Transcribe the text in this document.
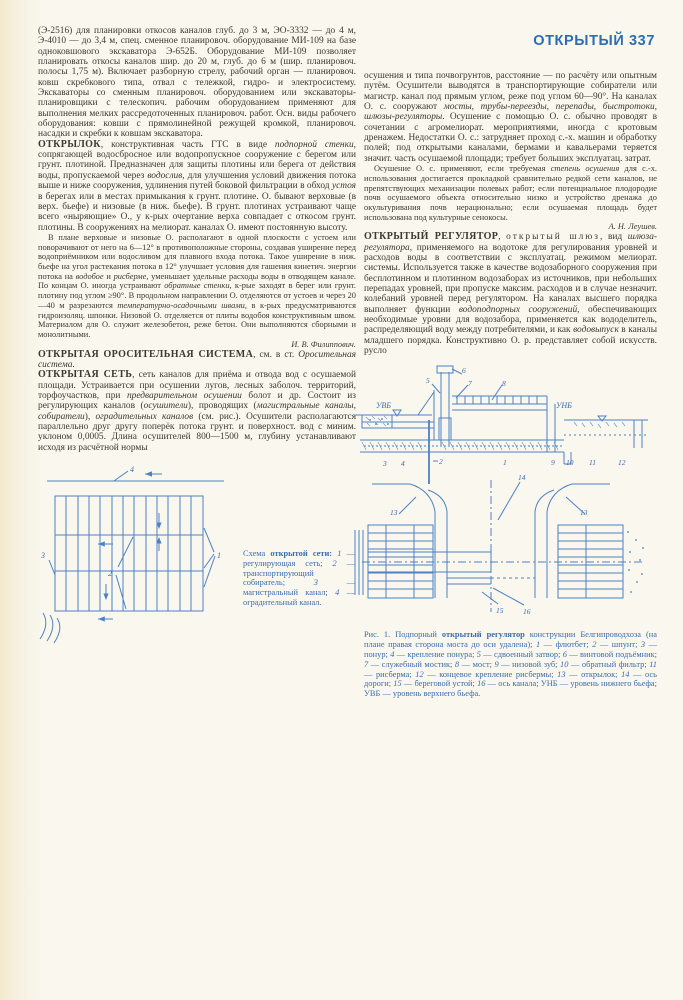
ОТКРЫТЫЙ 337

(Э-2516) для планировки откосов каналов глуб. до 3 м, ЭО-3332 — до 4 м, Э-4010 — до 3,4 м, спец. сменное планировоч. оборудование МИ-109 на базе одноковшового экскаватора Э-652Б. Оборудование МИ-109 позволяет планировать откосы каналов шир. до 20 м, глуб. до 6 м (шир. планировоч. полосы 1,75 м). Включает разборную стрелу, рабочий орган — планировоч. ковш скребкового типа, отвал с тележкой, гидро- и электросистему. Экскаваторы со сменным планировоч. оборудованием или экскаваторы-планировщики с телескопич. рабочим оборудованием применяют для выполнения мелких рассредоточенных планировоч. работ. Осн. виды рабочего оборудования: ковши с прямолинейной режущей кромкой, планировоч. насадки и скребки к ковшам экскаватора.

ОТКРЫЛОК, конструктивная часть ГТС в виде подпорной стенки, сопрягающей водосбросное или водопропускное сооружение с берегом или грунт. плотиной. Предназначен для защиты плотины или берега от действия воды, пропускаемой через водослив, для улучшения условий движения потока выше и ниже сооружения, удлинения путей боковой фильтрации в обход устоя в берегах или в местах примыкания к грунт. плотине. О. бывают верховые (в верх. бьефе) и низовые (в ниж. бьефе). В грунт. плотинах устраивают чаще всего «ныряющие» О., у к-рых очертание верха совпадает с откосом грунт. плотины. В сооружениях на мелиорат. каналах О. имеют постоянную высоту.

В плане верховые и низовые О. располагают в одной плоскости с устоем или поворачивают от него на 6—12° в противоположные стороны, создавая уширение перед водоприёмником или водосливом для плавного входа потока. Такое уширение в ниж. бьефе на угол растекания потока в 12° улучшает условия для гашения кинетич. энергии потока на водобое и рисберме, уменьшает удельные расходы воды в отводящем канале. По концам О. иногда устраивают обратные стенки, к-рые заходят в берег или грунт. плотину под углом ≥90°. В продольном направлении О. отделяются от устоев и через 20—40 м разрезаются температурно-осадочными швами, в к-рых предусматриваются гидроизоляц. шпонки. Низовой О. отделяется от плиты водобоя конструктивным швом. Материалом для О. служит железобетон, реже бетон. Они выполняются сборными и монолитными.

И. В. Филиппович.

ОТКРЫТАЯ ОРОСИТЕЛЬНАЯ СИСТЕМА, см. в ст. Оросительная система.

ОТКРЫТАЯ СЕТЬ, сеть каналов для приёма и отвода вод с осушаемой площади. Устраивается при осушении лугов, лесных заболоч. территорий, торфоучастков, при предварительном осушении болот и др. Состоит из регулирующих каналов (осушители), проводящих (магистральные каналы, собиратели), оградительных каналов (см. рис.). Осушители располагаются параллельно друг другу поперёк потока грунт. и поверхност. вод с миним. уклоном 0,0005. Длина осушителей 800—1500 м, глубину устанавливают исходя из расчётной нормы

4
1
2
3	Схема открытой сети: 1 — регулирующая сеть; 2 — транспортирующий собиратель; 3 — магистральный канал; 4 — оградительный канал.

осушения и типа почвогрунтов, расстояние — по расчёту или опытным путём. Осушители выводятся в транспортирующие собиратели или магистр. канал под прямым углом, реже под углом 60—90°. На каналах О. с. сооружают мосты, трубы-переезды, перепады, быстротоки, шлюзы-регуляторы. Осушение с помощью О. с. обычно проводят в сочетании с агромелиорат. мероприятиями, иногда с кротовым дренажем. Недостатки О. с.: затрудняет проход с.-х. машин и обработку полей; под открытыми каналами, бермами и кавальерами теряется значит. часть осушаемой площади; требует больших эксплуатац. затрат.

Осушение О. с. применяют, если требуемая степень осушения для с.-х. использования достигается прокладкой сравнительно редкой сети каналов, не препятствующих механизации полевых работ; если потенциальное плодородие почв осушаемого объекта относительно низко и устройство дренажа до окультуривания почв нерационально; если осушаемая площадь будет использована под культурные сенокосы.

А. Н. Леушев.

ОТКРЫТЫЙ РЕГУЛЯТОР, открытый шлюз, вид шлюза-регулятора, применяемого на водотоке для регулирования уровней и расходов воды в соответствии с эксплуатац. режимом мелиорат. системы. Используется также в качестве водозаборного сооружения при бесплотинном и плотинном водозаборах из источников, при небольших перепадах уровней, при пропуске максим. расходов и в случае незначит. колебаний уровней перед регулятором. На каналах высшего порядка выполняет функции водоподпорных сооружений, обеспечивающих необходимые уровни для водозабора, применяется как вододелитель, распределяющий воду между потребителями, и как водовыпуск в каналы младшего порядка. Конструктивно О. р. представляет собой искусств. русло

УВБ	УНБ
5
6
7	8
3 4	2	1	9 10 11	12
13	13
14
15	16

Рис. 1. Подпорный открытый регулятор конструкции Белгипроводхоза (на плане правая сторона моста до оси удалена); 1 — флютбет; 2 — шпунт; 3 — понур; 4 — крепление понура; 5 — сдвоенный затвор; 6 — винтовой подъёмник; 7 — служебный мостик; 8 — мост; 9 — низовой зуб; 10 — обратный фильтр; 11 — рисберма; 12 — концевое крепление рисбермы; 13 — открылок; 14 — ось дороги; 15 — береговой устой; 16 — ось канала; УНБ — уровень нижнего бьефа; УВБ — уровень верхнего бьефа.
